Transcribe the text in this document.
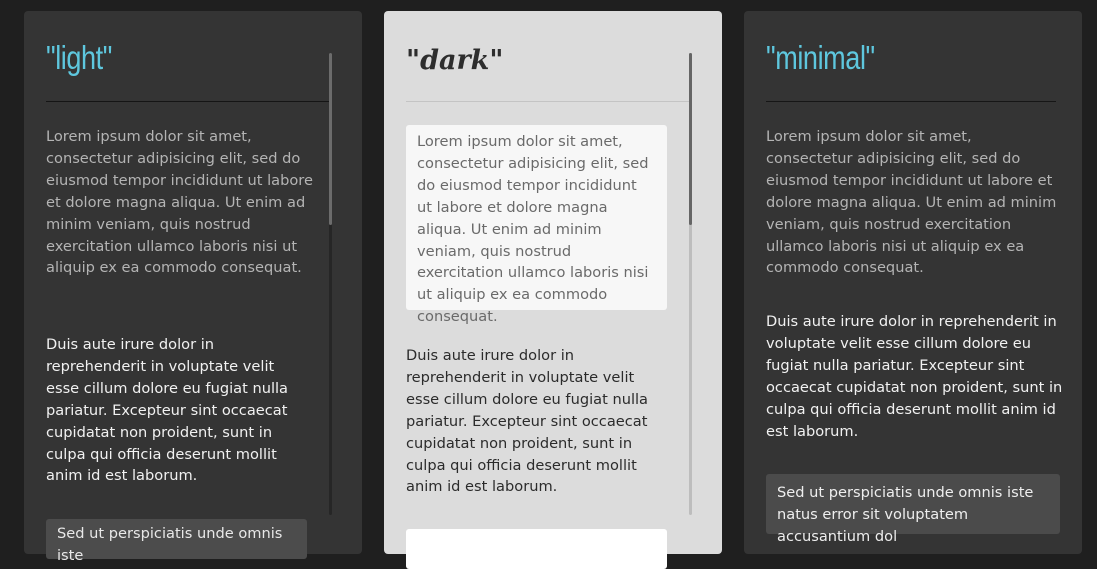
"light"

Lorem ipsum dolor sit amet, consectetur adipisicing elit, sed do eiusmod tempor incididunt ut labore et dolore magna aliqua. Ut enim ad minim veniam, quis nostrud exercitation ullamco laboris nisi ut aliquip ex ea commodo consequat.

Duis aute irure dolor in reprehenderit in voluptate velit esse cillum dolore eu fugiat nulla pariatur. Excepteur sint occaecat cupidatat non proident, sunt in culpa qui officia deserunt mollit anim id est laborum.

Sed ut perspiciatis unde omnis iste
"dark"
Lorem ipsum dolor sit amet, consectetur adipisicing elit, sed do eiusmod tempor incididunt ut labore et dolore magna aliqua. Ut enim ad minim veniam, quis nostrud exercitation ullamco laboris nisi ut aliquip ex ea commodo consequat.

Duis aute irure dolor in reprehenderit in voluptate velit esse cillum dolore eu fugiat nulla pariatur. Excepteur sint occaecat cupidatat non proident, sunt in culpa qui officia deserunt mollit anim id est laborum.

"minimal"

Lorem ipsum dolor sit amet, consectetur adipisicing elit, sed do eiusmod tempor incididunt ut labore et dolore magna aliqua. Ut enim ad minim veniam, quis nostrud exercitation ullamco laboris nisi ut aliquip ex ea commodo consequat.

Duis aute irure dolor in reprehenderit in voluptate velit esse cillum dolore eu fugiat nulla pariatur. Excepteur sint occaecat cupidatat non proident, sunt in culpa qui officia deserunt mollit anim id est laborum.

Sed ut perspiciatis unde omnis iste natus error sit voluptatem accusantium dol
